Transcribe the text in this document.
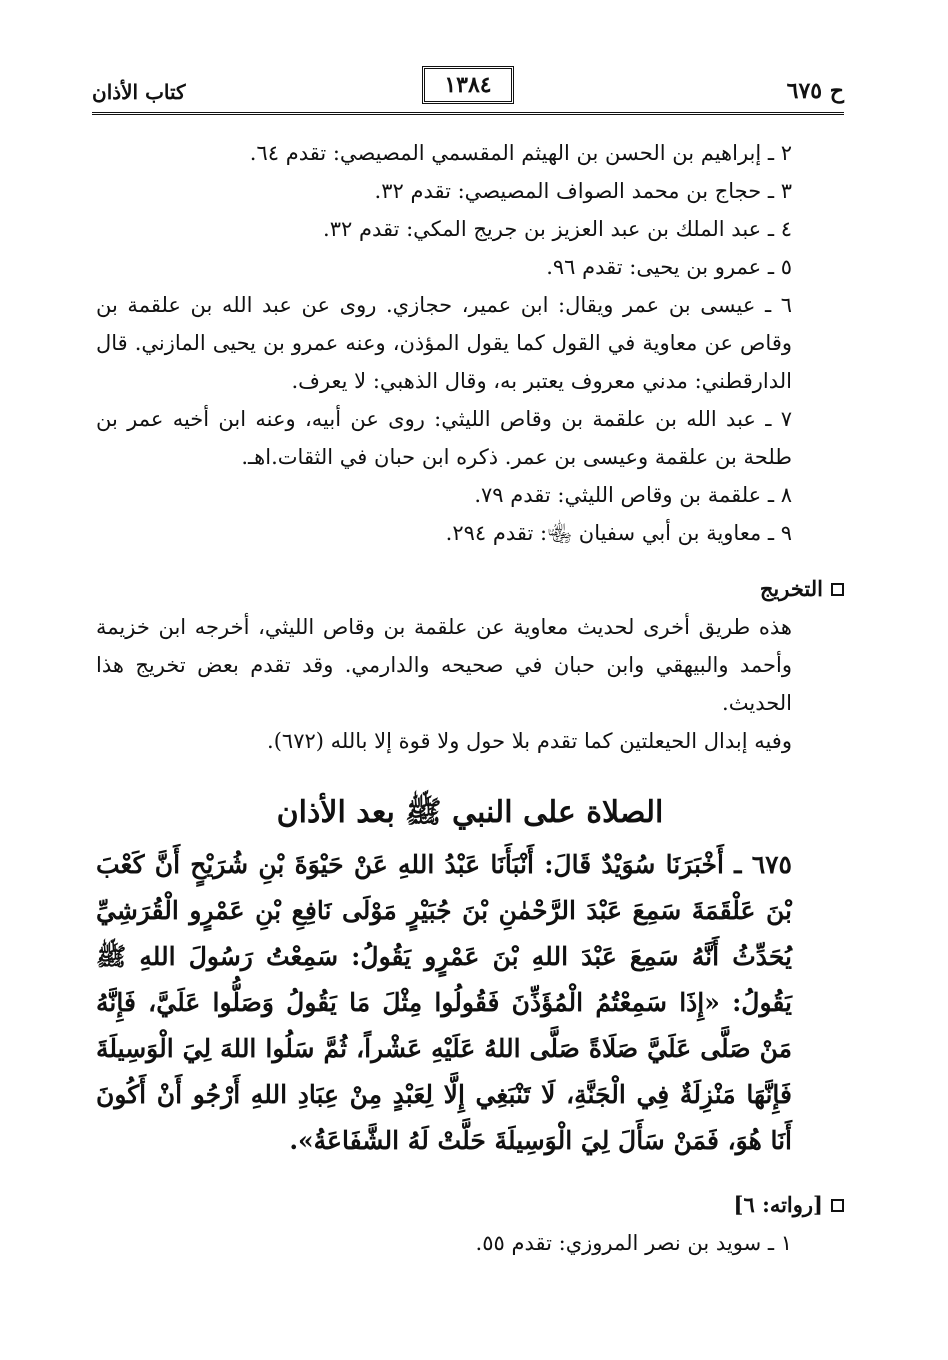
ح ٦٧٥
١٣٨٤
كتاب الأذان
٢ ـ إبراهيم بن الحسن بن الهيثم المقسمي المصيصي: تقدم ٦٤.
٣ ـ حجاج بن محمد الصواف المصيصي: تقدم ٣٢.
٤ ـ عبد الملك بن عبد العزيز بن جريج المكي: تقدم ٣٢.
٥ ـ عمرو بن يحيى: تقدم ٩٦.
٦ ـ عيسى بن عمر ويقال: ابن عمير، حجازي. روى عن عبد الله بن علقمة بن وقاص عن معاوية في القول كما يقول المؤذن، وعنه عمرو بن يحيى المازني. قال الدارقطني: مدني معروف يعتبر به، وقال الذهبي: لا يعرف.
٧ ـ عبد الله بن علقمة بن وقاص الليثي: روى عن أبيه، وعنه ابن أخيه عمر بن طلحة بن علقمة وعيسى بن عمر. ذكره ابن حبان في الثقات.اهـ.
٨ ـ علقمة بن وقاص الليثي: تقدم ٧٩.
٩ ـ معاوية بن أبي سفيان ﵄: تقدم ٢٩٤.
التخريج
هذه طريق أخرى لحديث معاوية عن علقمة بن وقاص الليثي، أخرجه ابن خزيمة وأحمد والبيهقي وابن حبان في صحيحه والدارمي. وقد تقدم بعض تخريج هذا الحديث.
وفيه إبدال الحيعلتين كما تقدم بلا حول ولا قوة إلا بالله (٦٧٢).
الصلاة على النبي ﷺ بعد الأذان
٦٧٥ ـ أَخْبَرَنَا سُوَيْدٌ قَالَ: أَنْبَأَنَا عَبْدُ اللهِ عَنْ حَيْوَةَ بْنِ شُرَيْحٍ أَنَّ كَعْبَ بْنَ عَلْقَمَةَ سَمِعَ عَبْدَ الرَّحْمٰنِ بْنَ جُبَيْرٍ مَوْلَى نَافِعِ بْنِ عَمْرٍو الْقُرَشِيِّ يُحَدِّثُ أَنَّهُ سَمِعَ عَبْدَ اللهِ بْنَ عَمْرٍو يَقُولُ: سَمِعْتُ رَسُولَ اللهِ ﷺ يَقُولُ: «إِذَا سَمِعْتُمُ الْمُؤَذِّنَ فَقُولُوا مِثْلَ مَا يَقُولُ وَصَلُّوا عَلَيَّ، فَإِنَّهُ مَنْ صَلَّى عَلَيَّ صَلَاةً صَلَّى اللهُ عَلَيْهِ عَشْراً، ثُمَّ سَلُوا اللهَ لِيَ الْوَسِيلَةَ فَإِنَّهَا مَنْزِلَةٌ فِي الْجَنَّةِ، لَا تَنْبَغِي إِلَّا لِعَبْدٍ مِنْ عِبَادِ اللهِ أَرْجُو أَنْ أَكُونَ أَنَا هُوَ، فَمَنْ سَأَلَ لِيَ الْوَسِيلَةَ حَلَّتْ لَهُ الشَّفَاعَةُ».
[رواته: ٦]
١ ـ سويد بن نصر المروزي: تقدم ٥٥.
